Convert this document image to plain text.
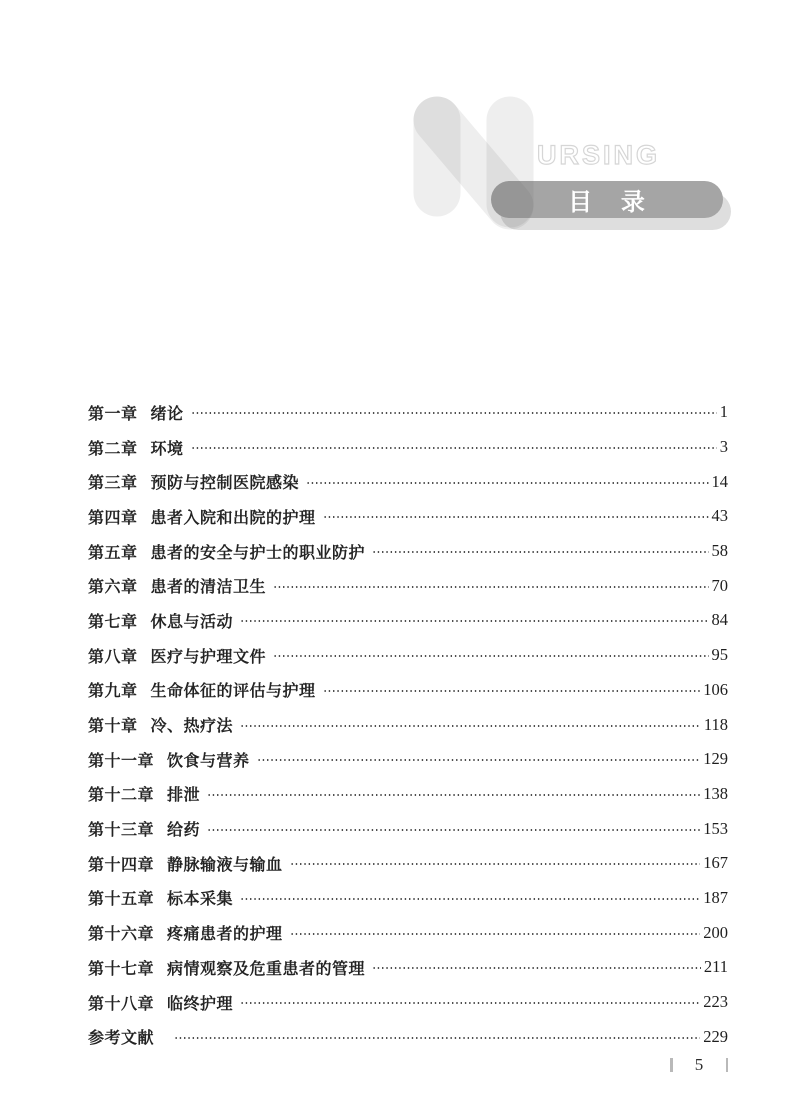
目 录
URSING
第一章 绪论	1
第二章 环境	3
第三章 预防与控制医院感染	14
第四章 患者入院和出院的护理	43
第五章 患者的安全与护士的职业防护	58
第六章 患者的清洁卫生	70
第七章 休息与活动	84
第八章 医疗与护理文件	95
第九章 生命体征的评估与护理	106
第十章 冷、热疗法	118
第十一章 饮食与营养	129
第十二章 排泄	138
第十三章 给药	153
第十四章 静脉输液与输血	167
第十五章 标本采集	187
第十六章 疼痛患者的护理	200
第十七章 病情观察及危重患者的管理	211
第十八章 临终护理	223
参考文献	229
5
